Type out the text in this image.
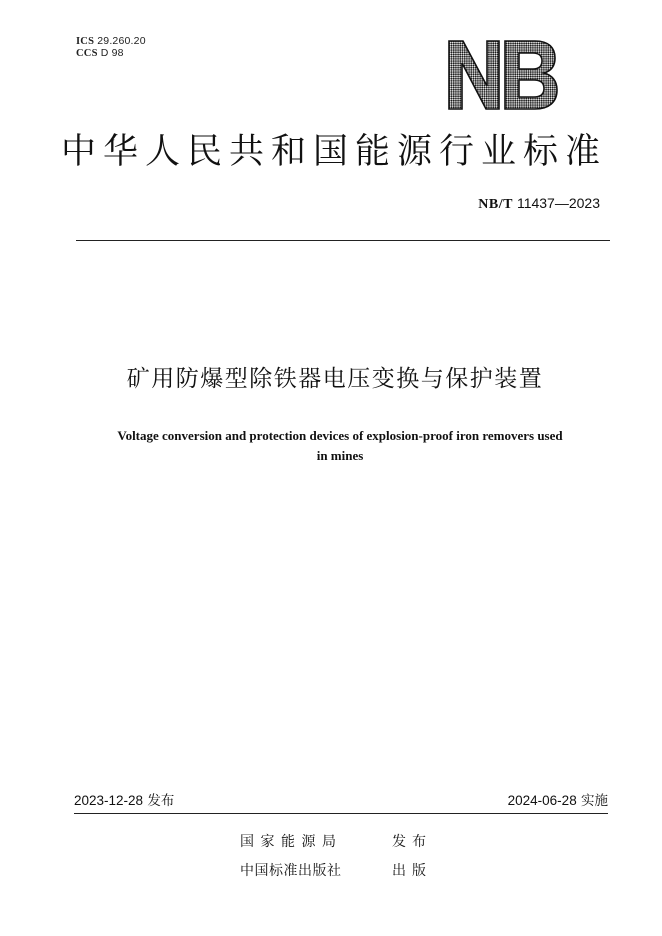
ICS 29.260.20
CCS D 98
中华人民共和国能源行业标准
NB/T 11437—2023
矿用防爆型除铁器电压变换与保护装置
Voltage conversion and protection devices of explosion-proof iron removers used
in mines
2023-12-28 发布	2024-06-28 实施
国家能源局	发布
中国标准出版社	出版
